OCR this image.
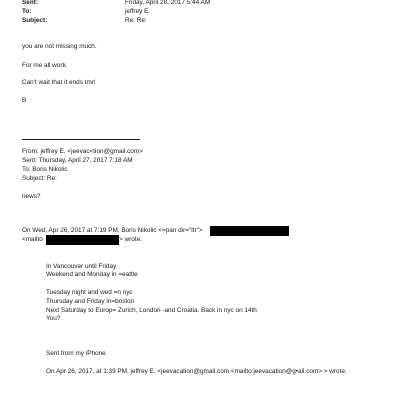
Sent:	Friday, April 28, 2017 5:44 AM
To:	jeffrey E.
Subject:	Re: Re:
you are not missing much.
For me all work.
Can't wait that it ends tmr!
B
From: jeffrey E. <jeevac<tion@gmail.com>
Sent: Thursday, April 27, 2017 7:18 AM
To: Boris Nikolic
Subject: Re:
news?
On Wed, Apr 26, 2017 at 7:19 PM, Boris Nikolic <=pan dir="ltr">
<mailto	> wrote:
In Vancouver until Friday
Weekend and Monday in =eattle
Tuesday night and wed =n nyc
Thursday and Friday in=boston
Next Saturday to Europ= Zurich, London -and Croatia. Back in nyc on 14th
You?
Sent from my iPhone
On Apr 26, 2017, at 1:39 PM, jeffrey E. <jeevacation@gmail.com <mailto:jeevacation@g•ail.com> > wrote:
